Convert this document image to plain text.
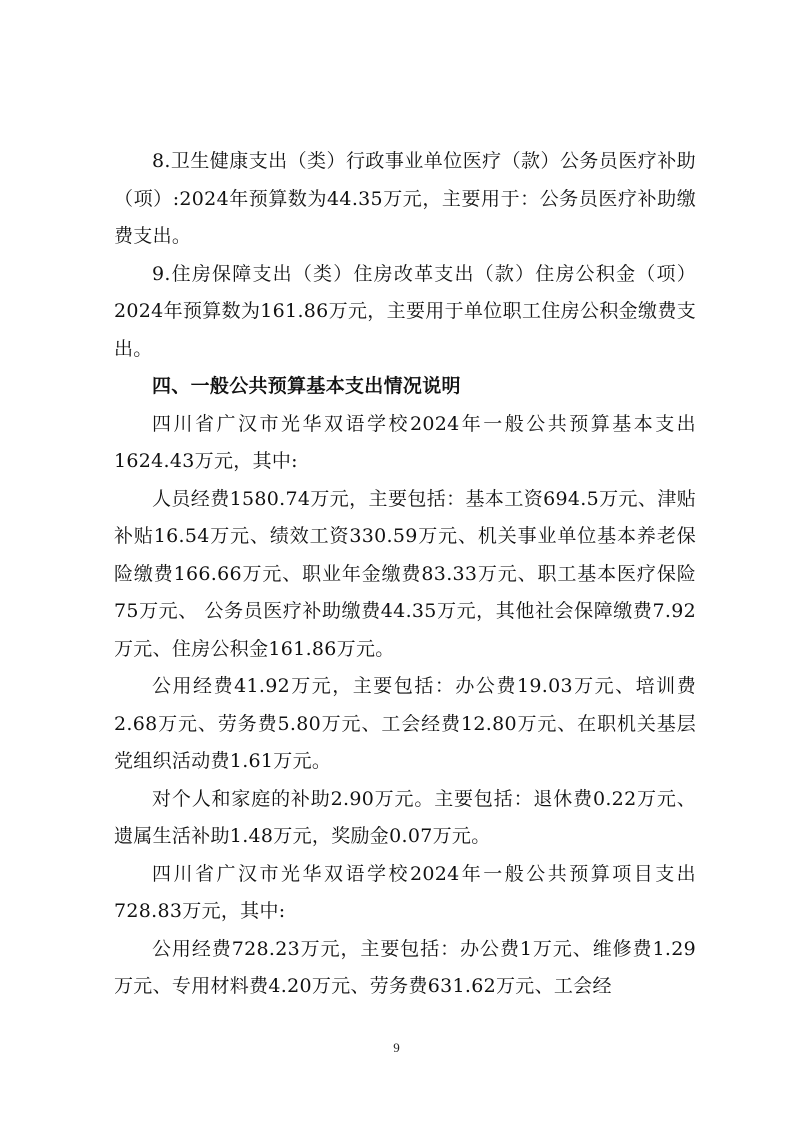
8.卫生健康支出（类）行政事业单位医疗（款）公务员医疗补助（项）:2024年预算数为44.35万元，主要用于：公务员医疗补助缴费支出。

9.住房保障支出（类）住房改革支出（款）住房公积金（项）2024年预算数为161.86万元，主要用于单位职工住房公积金缴费支出。

四、一般公共预算基本支出情况说明

四川省广汉市光华双语学校2024年一般公共预算基本支出1624.43万元，其中:

人员经费1580.74万元，主要包括：基本工资694.5万元、津贴补贴16.54万元、绩效工资330.59万元、机关事业单位基本养老保险缴费166.66万元、职业年金缴费83.33万元、职工基本医疗保险75万元、 公务员医疗补助缴费44.35万元，其他社会保障缴费7.92万元、住房公积金161.86万元。

公用经费41.92万元，主要包括：办公费19.03万元、培训费2.68万元、劳务费5.80万元、工会经费12.80万元、在职机关基层党组织活动费1.61万元。

对个人和家庭的补助2.90万元。主要包括：退休费0.22万元、遗属生活补助1.48万元，奖励金0.07万元。

四川省广汉市光华双语学校2024年一般公共预算项目支出728.83万元，其中:

公用经费728.23万元，主要包括：办公费1万元、维修费1.29万元、专用材料费4.20万元、劳务费631.62万元、工会经

9
